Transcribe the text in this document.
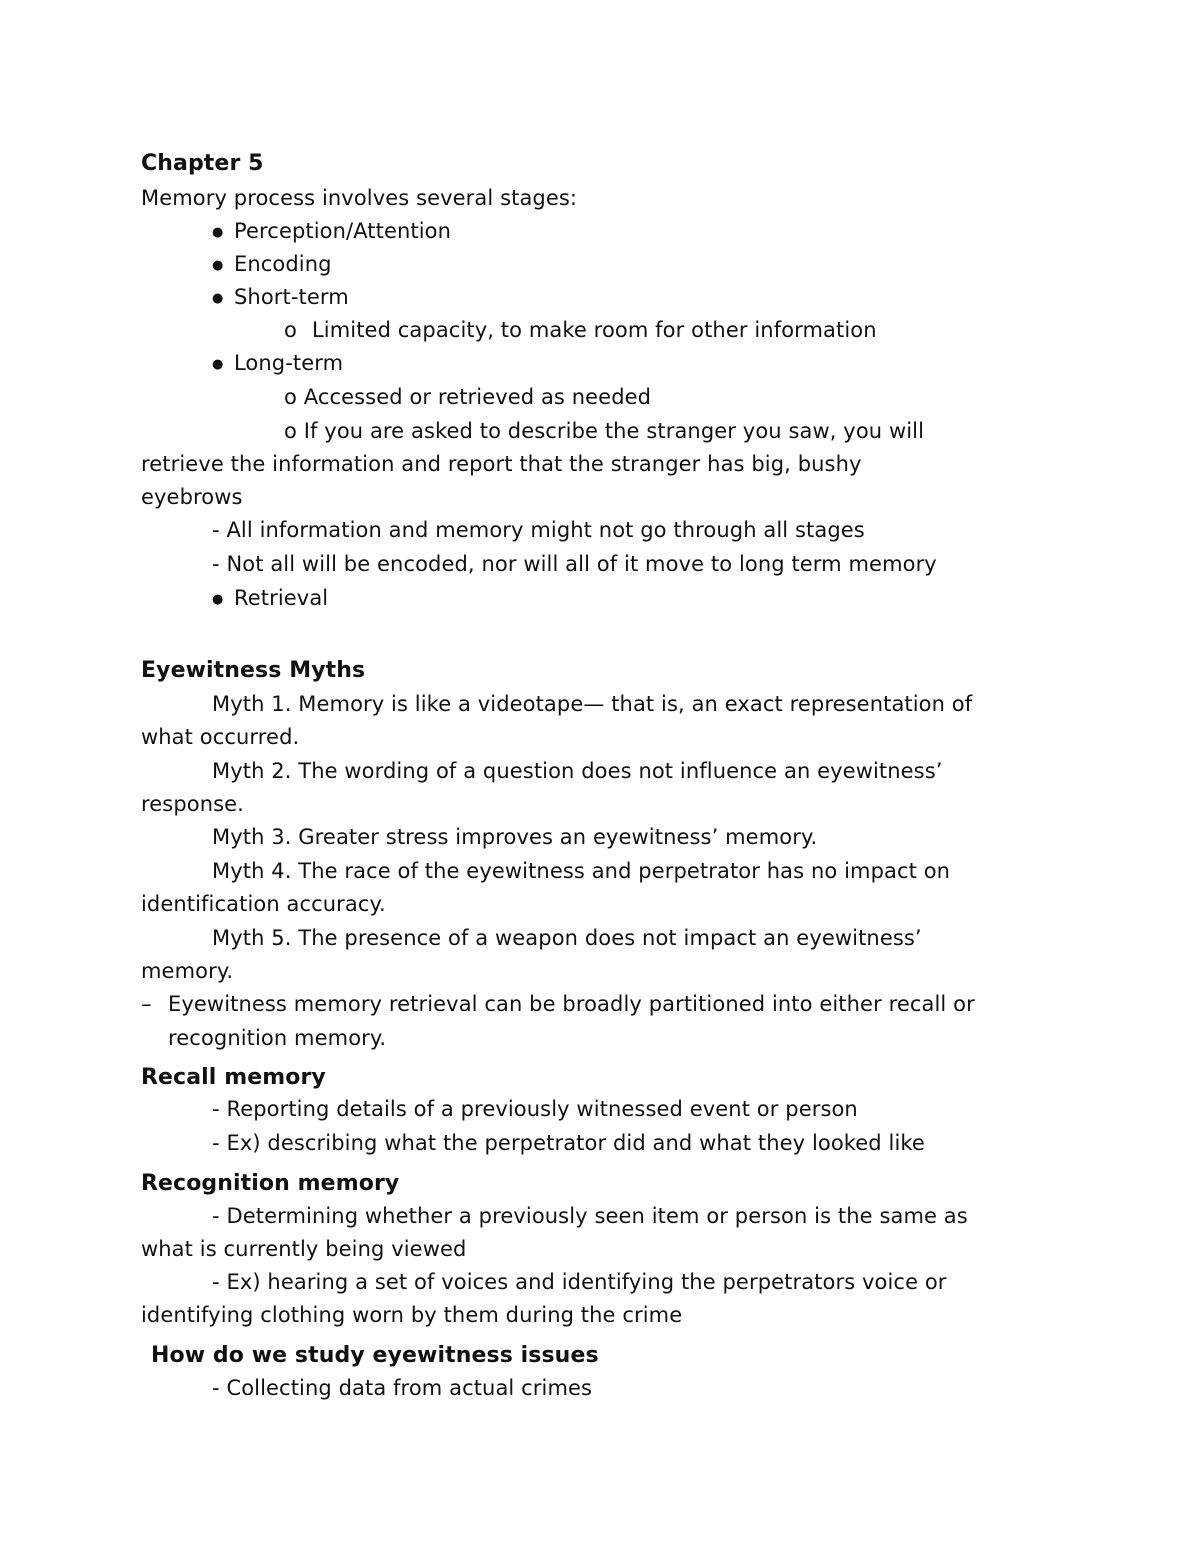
Chapter 5
Memory process involves several stages:
● Perception/Attention
● Encoding
● Short-term
o Limited capacity, to make room for other information
● Long-term
o Accessed or retrieved as needed
o If you are asked to describe the stranger you saw, you will
retrieve the information and report that the stranger has big, bushy
eyebrows
- All information and memory might not go through all stages
- Not all will be encoded, nor will all of it move to long term memory
● Retrieval
Eyewitness Myths
Myth 1. Memory is like a videotape— that is, an exact representation of
what occurred.
Myth 2. The wording of a question does not influence an eyewitness’
response.
Myth 3. Greater stress improves an eyewitness’ memory.
Myth 4. The race of the eyewitness and perpetrator has no impact on
identification accuracy.
Myth 5. The presence of a weapon does not impact an eyewitness’
memory.
– Eyewitness memory retrieval can be broadly partitioned into either recall or
recognition memory.
Recall memory
- Reporting details of a previously witnessed event or person
- Ex) describing what the perpetrator did and what they looked like
Recognition memory
- Determining whether a previously seen item or person is the same as
what is currently being viewed
- Ex) hearing a set of voices and identifying the perpetrators voice or
identifying clothing worn by them during the crime
How do we study eyewitness issues
- Collecting data from actual crimes
